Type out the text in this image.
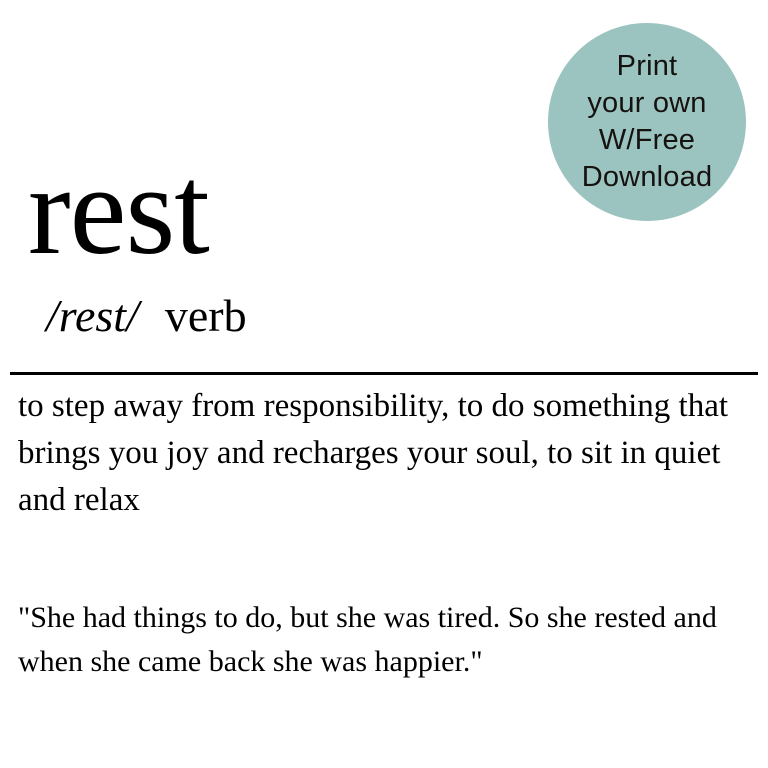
Print
your own
W/Free
Download
rest
/rest/ verb
to step away from responsibility, to do something that brings you joy and recharges your soul, to sit in quiet and relax
"She had things to do, but she was tired. So she rested and when she came back she was happier."
